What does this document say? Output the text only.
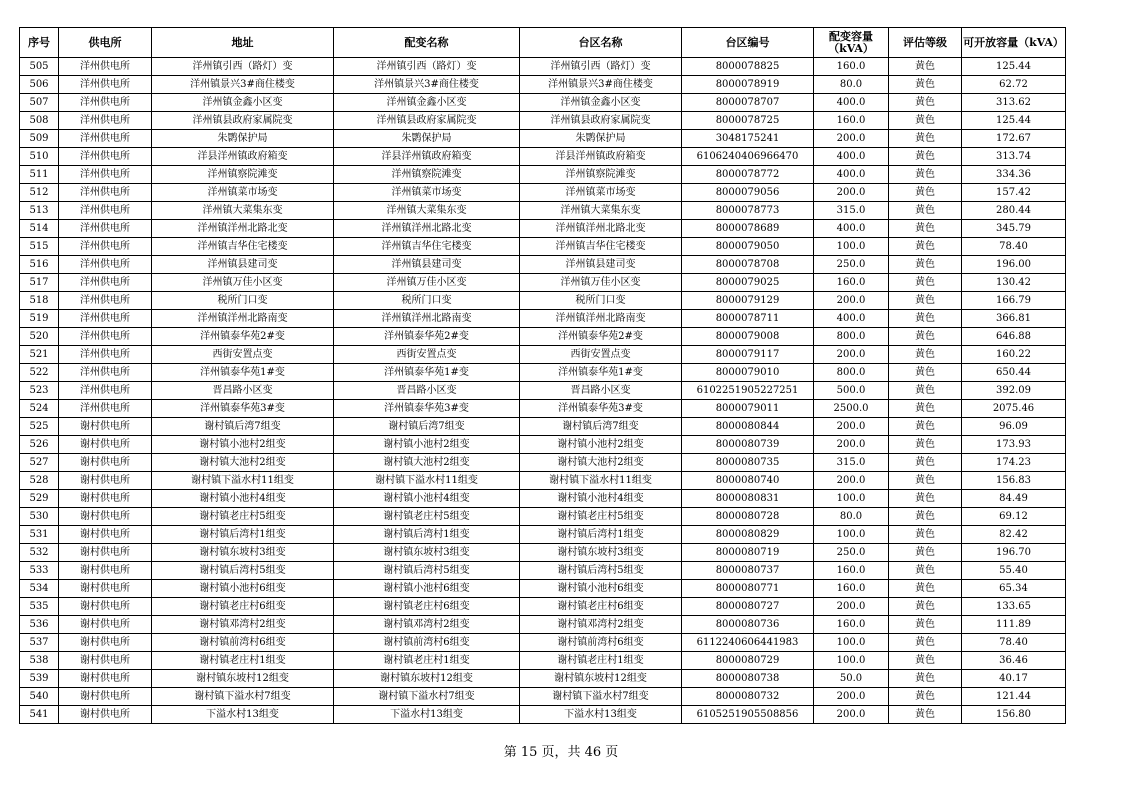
序号	供电所	地址	配变名称	台区名称	台区编号	配变容量（kVA）	评估等级	可开放容量（kVA）
505	洋州供电所	洋州镇引西（路灯）变	洋州镇引西（路灯）变	洋州镇引西（路灯）变	8000078825	160.0	黄色	125.44
506	洋州供电所	洋州镇景兴3#商住楼变	洋州镇景兴3#商住楼变	洋州镇景兴3#商住楼变	8000078919	80.0	黄色	62.72
507	洋州供电所	洋州镇金鑫小区变	洋州镇金鑫小区变	洋州镇金鑫小区变	8000078707	400.0	黄色	313.62
508	洋州供电所	洋州镇县政府家属院变	洋州镇县政府家属院变	洋州镇县政府家属院变	8000078725	160.0	黄色	125.44
509	洋州供电所	朱鹮保护局	朱鹮保护局	朱鹮保护局	3048175241	200.0	黄色	172.67
510	洋州供电所	洋县洋州镇政府箱变	洋县洋州镇政府箱变	洋县洋州镇政府箱变	6106240406966470	400.0	黄色	313.74
511	洋州供电所	洋州镇察院滩变	洋州镇察院滩变	洋州镇察院滩变	8000078772	400.0	黄色	334.36
512	洋州供电所	洋州镇菜市场变	洋州镇菜市场变	洋州镇菜市场变	8000079056	200.0	黄色	157.42
513	洋州供电所	洋州镇大菜集东变	洋州镇大菜集东变	洋州镇大菜集东变	8000078773	315.0	黄色	280.44
514	洋州供电所	洋州镇洋州北路北变	洋州镇洋州北路北变	洋州镇洋州北路北变	8000078689	400.0	黄色	345.79
515	洋州供电所	洋州镇吉华住宅楼变	洋州镇吉华住宅楼变	洋州镇吉华住宅楼变	8000079050	100.0	黄色	78.40
516	洋州供电所	洋州镇县建司变	洋州镇县建司变	洋州镇县建司变	8000078708	250.0	黄色	196.00
517	洋州供电所	洋州镇万佳小区变	洋州镇万佳小区变	洋州镇万佳小区变	8000079025	160.0	黄色	130.42
518	洋州供电所	税所门口变	税所门口变	税所门口变	8000079129	200.0	黄色	166.79
519	洋州供电所	洋州镇洋州北路南变	洋州镇洋州北路南变	洋州镇洋州北路南变	8000078711	400.0	黄色	366.81
520	洋州供电所	洋州镇泰华苑2#变	洋州镇泰华苑2#变	洋州镇泰华苑2#变	8000079008	800.0	黄色	646.88
521	洋州供电所	西街安置点变	西街安置点变	西街安置点变	8000079117	200.0	黄色	160.22
522	洋州供电所	洋州镇泰华苑1#变	洋州镇泰华苑1#变	洋州镇泰华苑1#变	8000079010	800.0	黄色	650.44
523	洋州供电所	晋昌路小区变	晋昌路小区变	晋昌路小区变	6102251905227251	500.0	黄色	392.09
524	洋州供电所	洋州镇泰华苑3#变	洋州镇泰华苑3#变	洋州镇泰华苑3#变	8000079011	2500.0	黄色	2075.46
525	谢村供电所	谢村镇后湾7组变	谢村镇后湾7组变	谢村镇后湾7组变	8000080844	200.0	黄色	96.09
526	谢村供电所	谢村镇小池村2组变	谢村镇小池村2组变	谢村镇小池村2组变	8000080739	200.0	黄色	173.93
527	谢村供电所	谢村镇大池村2组变	谢村镇大池村2组变	谢村镇大池村2组变	8000080735	315.0	黄色	174.23
528	谢村供电所	谢村镇下溢水村11组变	谢村镇下溢水村11组变	谢村镇下溢水村11组变	8000080740	200.0	黄色	156.83
529	谢村供电所	谢村镇小池村4组变	谢村镇小池村4组变	谢村镇小池村4组变	8000080831	100.0	黄色	84.49
530	谢村供电所	谢村镇老庄村5组变	谢村镇老庄村5组变	谢村镇老庄村5组变	8000080728	80.0	黄色	69.12
531	谢村供电所	谢村镇后湾村1组变	谢村镇后湾村1组变	谢村镇后湾村1组变	8000080829	100.0	黄色	82.42
532	谢村供电所	谢村镇东坡村3组变	谢村镇东坡村3组变	谢村镇东坡村3组变	8000080719	250.0	黄色	196.70
533	谢村供电所	谢村镇后湾村5组变	谢村镇后湾村5组变	谢村镇后湾村5组变	8000080737	160.0	黄色	55.40
534	谢村供电所	谢村镇小池村6组变	谢村镇小池村6组变	谢村镇小池村6组变	8000080771	160.0	黄色	65.34
535	谢村供电所	谢村镇老庄村6组变	谢村镇老庄村6组变	谢村镇老庄村6组变	8000080727	200.0	黄色	133.65
536	谢村供电所	谢村镇邓湾村2组变	谢村镇邓湾村2组变	谢村镇邓湾村2组变	8000080736	160.0	黄色	111.89
537	谢村供电所	谢村镇前湾村6组变	谢村镇前湾村6组变	谢村镇前湾村6组变	6112240606441983	100.0	黄色	78.40
538	谢村供电所	谢村镇老庄村1组变	谢村镇老庄村1组变	谢村镇老庄村1组变	8000080729	100.0	黄色	36.46
539	谢村供电所	谢村镇东坡村12组变	谢村镇东坡村12组变	谢村镇东坡村12组变	8000080738	50.0	黄色	40.17
540	谢村供电所	谢村镇下溢水村7组变	谢村镇下溢水村7组变	谢村镇下溢水村7组变	8000080732	200.0	黄色	121.44
541	谢村供电所	下溢水村13组变	下溢水村13组变	下溢水村13组变	6105251905508856	200.0	黄色	156.80
第 15 页，共 46 页
